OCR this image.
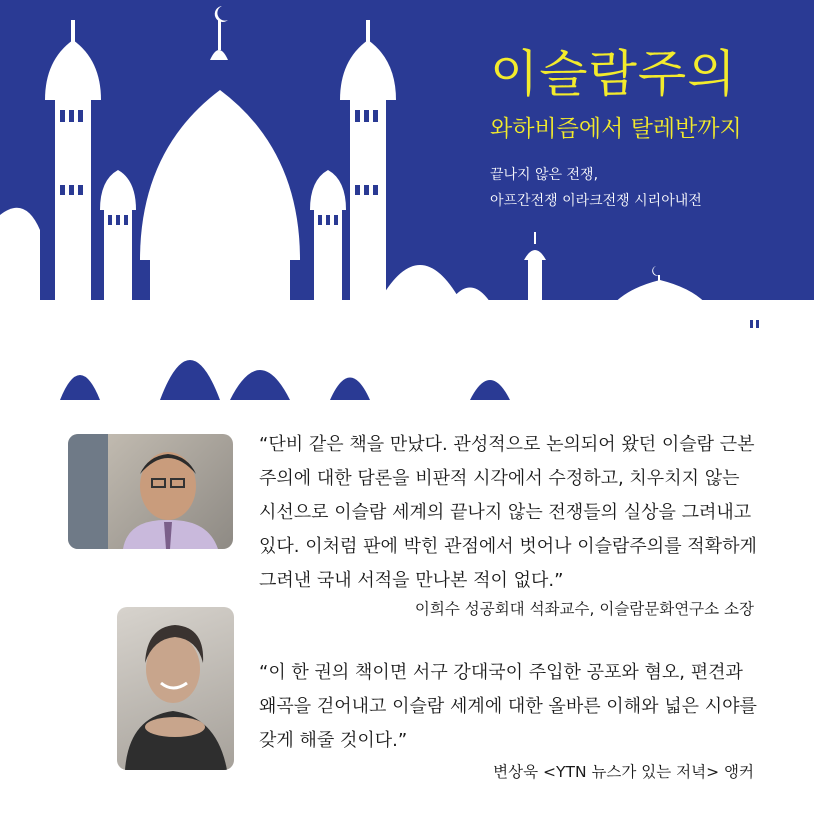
이슬람주의

와하비즘에서 탈레반까지

끝나지 않은 전쟁,

아프간전쟁 이라크전쟁 시리아내전

“단비 같은 책을 만났다. 관성적으로 논의되어 왔던 이슬람 근본주의에 대한 담론을 비판적 시각에서 수정하고, 치우치지 않는 시선으로 이슬람 세계의 끝나지 않는 전쟁들의 실상을 그려내고 있다. 이처럼 판에 박힌 관점에서 벗어나 이슬람주의를 적확하게 그려낸 국내 서적을 만나본 적이 없다.”

이희수 성공회대 석좌교수, 이슬람문화연구소 소장

“이 한 권의 책이면 서구 강대국이 주입한 공포와 혐오, 편견과 왜곡을 걷어내고 이슬람 세계에 대한 올바른 이해와 넓은 시야를 갖게 해줄 것이다.”

변상욱 <YTN 뉴스가 있는 저녁> 앵커
